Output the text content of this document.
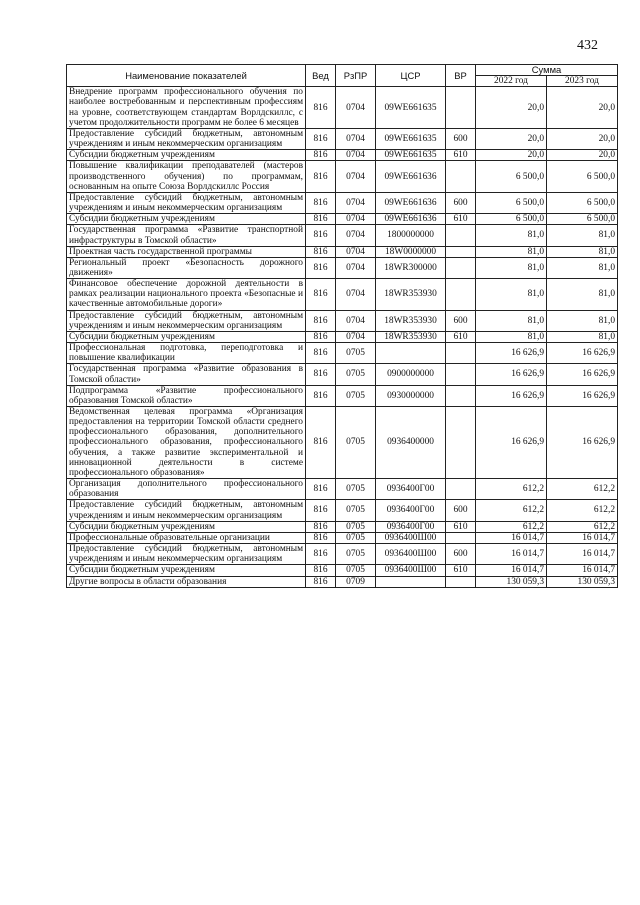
432
Наименование показателей	Вед	РзПР	ЦСР	ВР	Сумма	
					2022 год	2023 год
Внедрение программ профессионального обучения по наиболее востребованным и перспективным профессиям на уровне, соответствующем стандартам Ворлдскиллс, с учетом продолжительности программ не более 6 месяцев	816	0704	09WE661635		20,0	20,0
Предоставление субсидий бюджетным, автономным учреждениям и иным некоммерческим организациям	816	0704	09WE661635	600	20,0	20,0
Субсидии бюджетным учреждениям	816	0704	09WE661635	610	20,0	20,0
Повышение квалификации преподавателей (мастеров производственного обучения) по программам, основанным на опыте Союза Ворлдскиллс Россия	816	0704	09WE661636		6 500,0	6 500,0
Предоставление субсидий бюджетным, автономным учреждениям и иным некоммерческим организациям	816	0704	09WE661636	600	6 500,0	6 500,0
Субсидии бюджетным учреждениям	816	0704	09WE661636	610	6 500,0	6 500,0
Государственная программа «Развитие транспортной инфраструктуры в Томской области»	816	0704	1800000000		81,0	81,0
Проектная часть государственной программы	816	0704	18W0000000		81,0	81,0
Региональный проект «Безопасность дорожного движения»	816	0704	18WR300000		81,0	81,0
Финансовое обеспечение дорожной деятельности в рамках реализации национального проекта «Безопасные и качественные автомобильные дороги»	816	0704	18WR353930		81,0	81,0
Предоставление субсидий бюджетным, автономным учреждениям и иным некоммерческим организациям	816	0704	18WR353930	600	81,0	81,0
Субсидии бюджетным учреждениям	816	0704	18WR353930	610	81,0	81,0
Профессиональная подготовка, переподготовка и повышение квалификации	816	0705			16 626,9	16 626,9
Государственная программа «Развитие образования в Томской области»	816	0705	0900000000		16 626,9	16 626,9
Подпрограмма «Развитие профессионального образования Томской области»	816	0705	0930000000		16 626,9	16 626,9
Ведомственная целевая программа «Организация предоставления на территории Томской области среднего профессионального образования, дополнительного профессионального образования, профессионального обучения, а также развитие экспериментальной и инновационной деятельности в системе профессионального образования»	816	0705	0936400000		16 626,9	16 626,9
Организация дополнительного профессионального образования	816	0705	0936400Г00		612,2	612,2
Предоставление субсидий бюджетным, автономным учреждениям и иным некоммерческим организациям	816	0705	0936400Г00	600	612,2	612,2
Субсидии бюджетным учреждениям	816	0705	0936400Г00	610	612,2	612,2
Профессиональные образовательные организации	816	0705	0936400Ш00		16 014,7	16 014,7
Предоставление субсидий бюджетным, автономным учреждениям и иным некоммерческим организациям	816	0705	0936400Ш00	600	16 014,7	16 014,7
Субсидии бюджетным учреждениям	816	0705	0936400Ш00	610	16 014,7	16 014,7
Другие вопросы в области образования	816	0709			130 059,3	130 059,3
